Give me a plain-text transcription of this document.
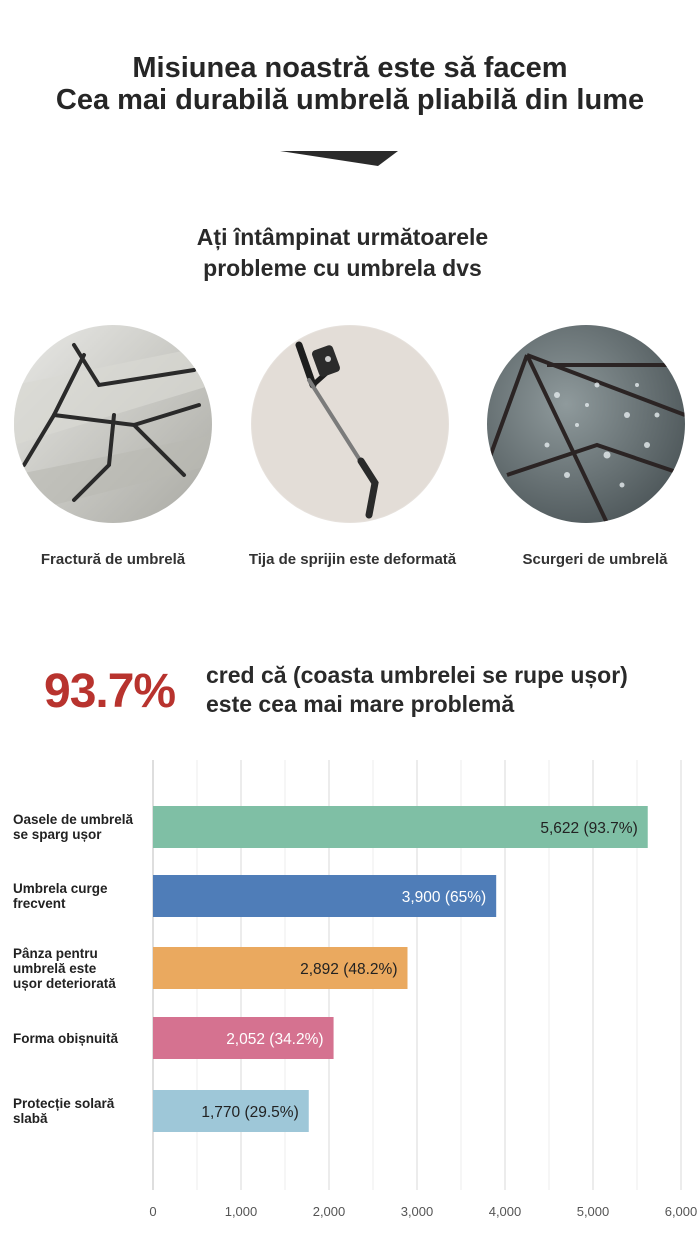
Misiunea noastră este să facem
Cea mai durabilă umbrelă pliabilă din lume
Ați întâmpinat următoarele
probleme cu umbrela dvs
Fractură de umbrelă	Tija de sprijin este deformată	Scurgeri de umbrelă
93.7% cred că (coasta umbrelei se rupe ușor)
este cea mai mare problemă
0	1,000	2,000	3,000	4,000	5,000	6,000
5,622 (93.7%)
3,900 (65%)
2,892 (48.2%)
2,052 (34.2%)
1,770 (29.5%)
Oasele de umbrelă
se sparg ușor
Umbrela curge
frecvent
Pânza pentru
umbrelă este
ușor deteriorată
Forma obișnuită
Protecție solară
slabă
